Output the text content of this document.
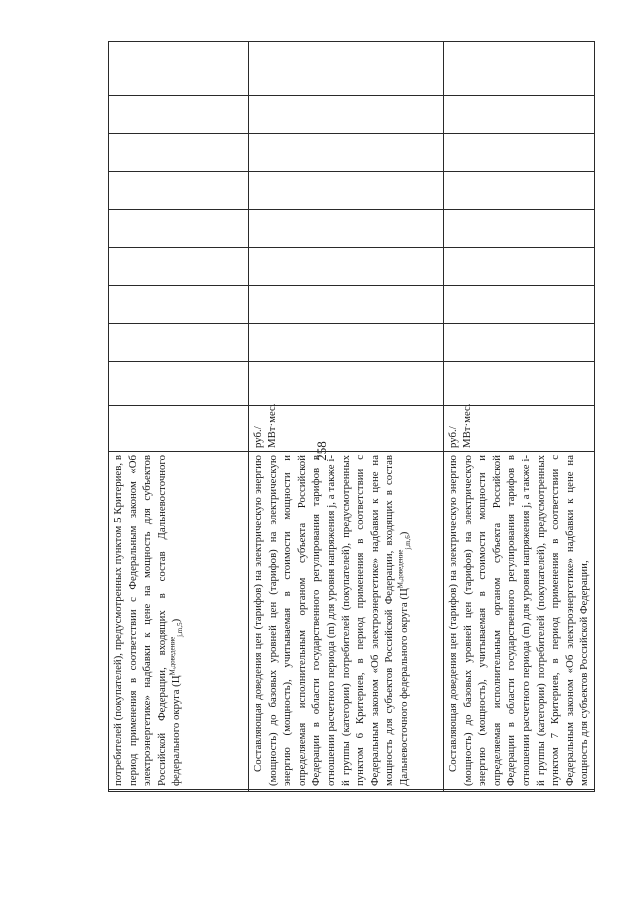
258

	потребителей (покупателей), предусмотренных пунктом 5 Критериев, в период применения в соответствии с Федеральным законом «Об электроэнергетике» надбавки к цене на мощность для субъектов Российской Федерации, входящих в состав Дальневосточного федерального округа $(Ц^{М,доведение}_{j,m,5})$										

	Составляющая доведения цен (тарифов) на электрическую энергию (мощность) до базовых уровней цен (тарифов) на электрическую энергию (мощность), учитываемая в стоимости мощности и определяемая исполнительным органом субъекта Российской Федерации в области государственного регулирования тарифов в отношении расчетного периода (m) для уровня напряжения j, а также i-й группы (категории) потребителей (покупателей), предусмотренных пунктом 6 Критериев, в период применения в соответствии с Федеральным законом «Об электроэнергетике» надбавки к цене на мощность для субъектов Российской Федерации, входящих в состав Дальневосточного федерального округа $(Ц^{М,доведение}_{j,m,6})$	руб./ МВт·мес.									

	Составляющая доведения цен (тарифов) на электрическую энергию (мощность) до базовых уровней цен (тарифов) на электрическую энергию (мощность), учитываемая в стоимости мощности и определяемая исполнительным органом субъекта Российской Федерации в области государственного регулирования тарифов в отношении расчетного периода (m) для уровня напряжения j, а также i-й группы (категории) потребителей (покупателей), предусмотренных пунктом 7 Критериев, в период применения в соответствии с Федеральным законом «Об электроэнергетике» надбавки к цене на мощность для субъектов Российской Федерации,	руб./ МВт·мес.									
